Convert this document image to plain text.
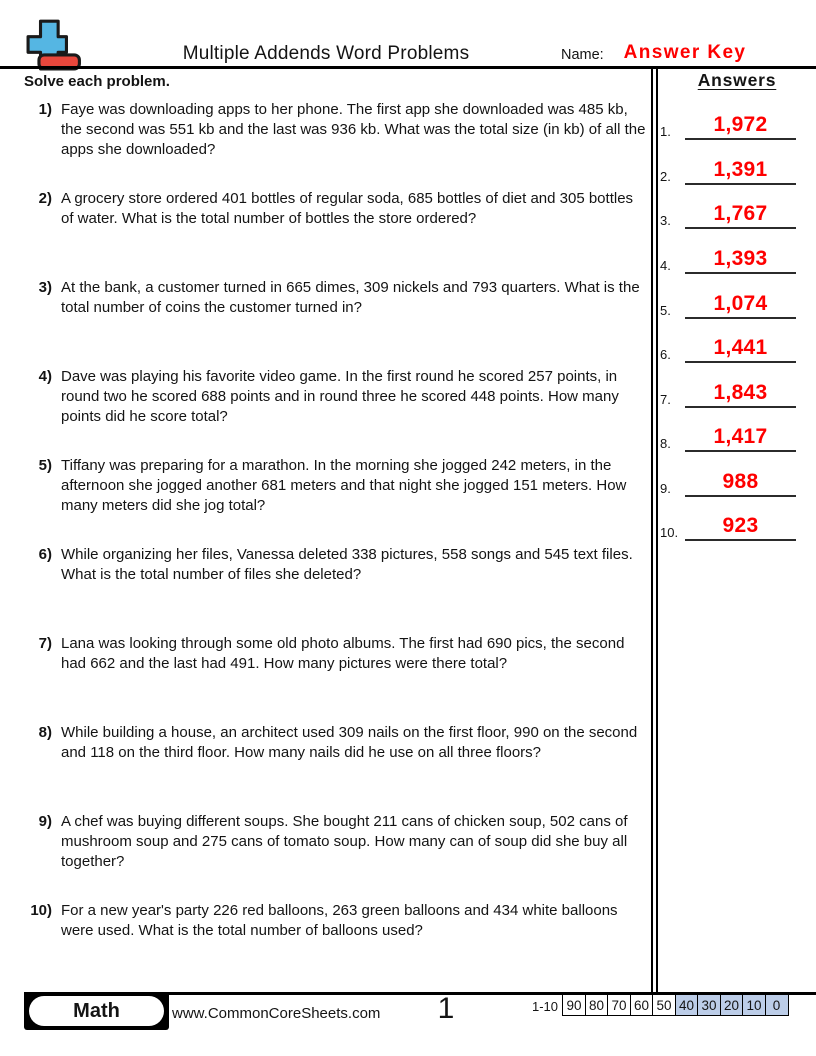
Multiple Addends Word Problems	Name:	Answer Key
Solve each problem.
1) Faye was downloading apps to her phone. The first app she downloaded was 485 kb, the second was 551 kb and the last was 936 kb. What was the total size (in kb) of all the apps she downloaded?
2) A grocery store ordered 401 bottles of regular soda, 685 bottles of diet and 305 bottles of water. What is the total number of bottles the store ordered?
3) At the bank, a customer turned in 665 dimes, 309 nickels and 793 quarters. What is the total number of coins the customer turned in?
4) Dave was playing his favorite video game. In the first round he scored 257 points, in round two he scored 688 points and in round three he scored 448 points. How many points did he score total?
5) Tiffany was preparing for a marathon. In the morning she jogged 242 meters, in the afternoon she jogged another 681 meters and that night she jogged 151 meters. How many meters did she jog total?
6) While organizing her files, Vanessa deleted 338 pictures, 558 songs and 545 text files. What is the total number of files she deleted?
7) Lana was looking through some old photo albums. The first had 690 pics, the second had 662 and the last had 491. How many pictures were there total?
8) While building a house, an architect used 309 nails on the first floor, 990 on the second and 118 on the third floor. How many nails did he use on all three floors?
9) A chef was buying different soups. She bought 211 cans of chicken soup, 502 cans of mushroom soup and 275 cans of tomato soup. How many can of soup did she buy all together?
10) For a new year's party 226 red balloons, 263 green balloons and 434 white balloons were used. What is the total number of balloons used?
Answers
1.	1,972
2.	1,391
3.	1,767
4.	1,393
5.	1,074
6.	1,441
7.	1,843
8.	1,417
9.	988
10.	923
Math	www.CommonCoreSheets.com	1	1-10 90 80 70 60 50 40 30 20 10 0
